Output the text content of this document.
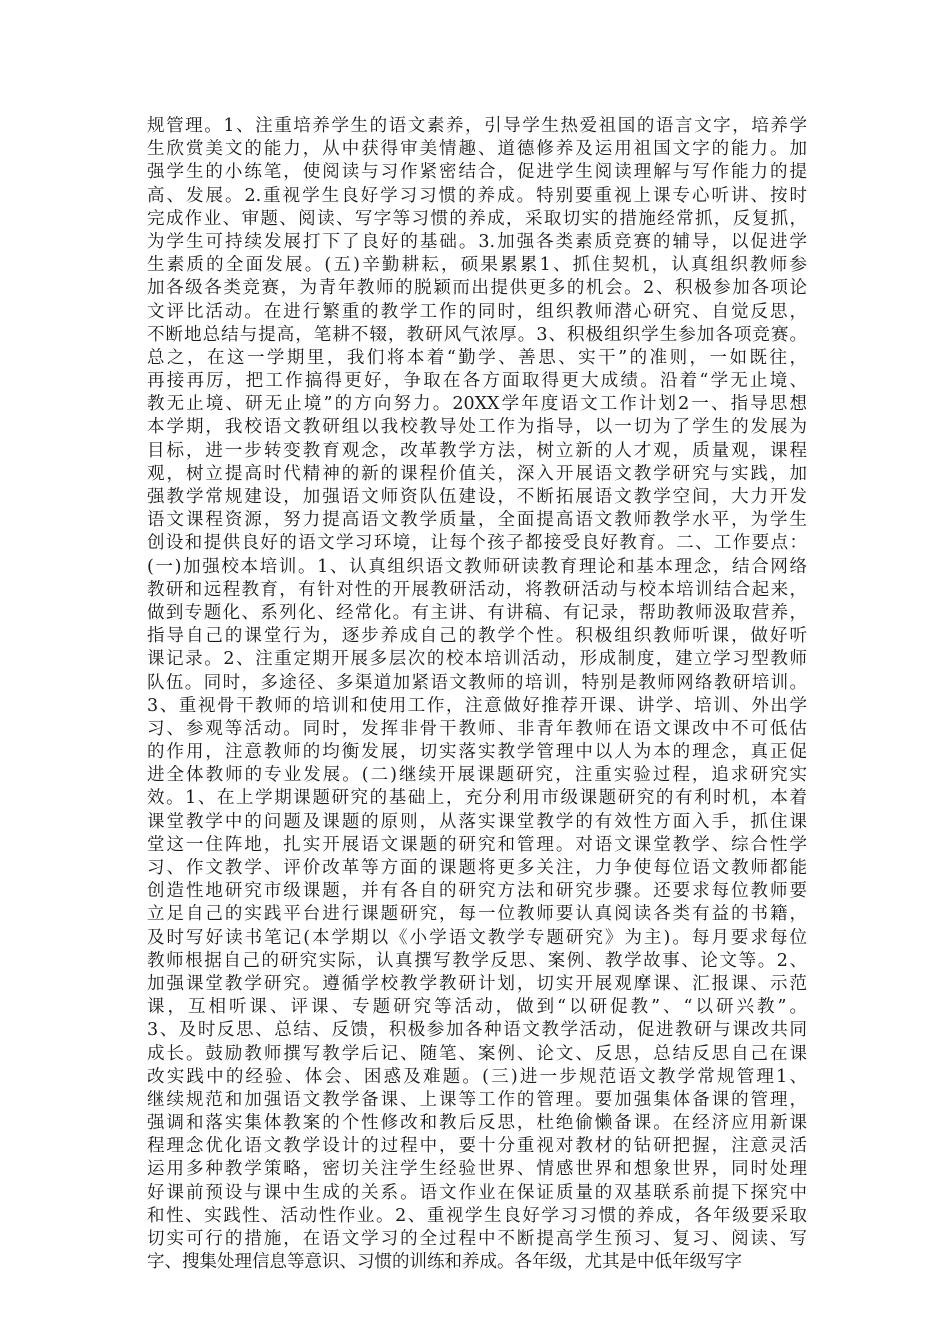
规管理。1、注重培养学生的语文素养，引导学生热爱祖国的语言文字，培养学
生欣赏美文的能力，从中获得审美情趣、道德修养及运用祖国文字的能力。加
强学生的小练笔，使阅读与习作紧密结合，促进学生阅读理解与写作能力的提
高、发展。2.重视学生良好学习习惯的养成。特别要重视上课专心听讲、按时
完成作业、审题、阅读、写字等习惯的养成，采取切实的措施经常抓，反复抓，
为学生可持续发展打下了良好的基础。3.加强各类素质竞赛的辅导，以促进学
生素质的全面发展。(五)辛勤耕耘，硕果累累1、抓住契机，认真组织教师参
加各级各类竞赛，为青年教师的脱颖而出提供更多的机会。2、积极参加各项论
文评比活动。在进行繁重的教学工作的同时，组织教师潜心研究、自觉反思，
不断地总结与提高，笔耕不辍，教研风气浓厚。3、积极组织学生参加各项竞赛。
总之，在这一学期里，我们将本着“勤学、善思、实干”的准则，一如既往，
再接再厉，把工作搞得更好，争取在各方面取得更大成绩。沿着“学无止境、
教无止境、研无止境”的方向努力。20XX学年度语文工作计划2一、指导思想
本学期，我校语文教研组以我校教导处工作为指导，以一切为了学生的发展为
目标，进一步转变教育观念，改革教学方法，树立新的人才观，质量观，课程
观，树立提高时代精神的新的课程价值关，深入开展语文教学研究与实践，加
强教学常规建设，加强语文师资队伍建设，不断拓展语文教学空间，大力开发
语文课程资源，努力提高语文教学质量，全面提高语文教师教学水平，为学生
创设和提供良好的语文学习环境，让每个孩子都接受良好教育。二、工作要点：
(一)加强校本培训。1、认真组织语文教师研读教育理论和基本理念，结合网络
教研和远程教育，有针对性的开展教研活动，将教研活动与校本培训结合起来，
做到专题化、系列化、经常化。有主讲、有讲稿、有记录，帮助教师汲取营养，
指导自己的课堂行为，逐步养成自己的教学个性。积极组织教师听课，做好听
课记录。2、注重定期开展多层次的校本培训活动，形成制度，建立学习型教师
队伍。同时，多途径、多渠道加紧语文教师的培训，特别是教师网络教研培训。
3、重视骨干教师的培训和使用工作，注意做好推荐开课、讲学、培训、外出学
习、参观等活动。同时，发挥非骨干教师、非青年教师在语文课改中不可低估
的作用，注意教师的均衡发展，切实落实教学管理中以人为本的理念，真正促
进全体教师的专业发展。(二)继续开展课题研究，注重实验过程，追求研究实
效。1、在上学期课题研究的基础上，充分利用市级课题研究的有利时机，本着
课堂教学中的问题及课题的原则，从落实课堂教学的有效性方面入手，抓住课
堂这一住阵地，扎实开展语文课题的研究和管理。对语文课堂教学、综合性学
习、作文教学、评价改革等方面的课题将更多关注，力争使每位语文教师都能
创造性地研究市级课题，并有各自的研究方法和研究步骤。还要求每位教师要
立足自己的实践平台进行课题研究，每一位教师要认真阅读各类有益的书籍，
及时写好读书笔记(本学期以《小学语文教学专题研究》为主)。每月要求每位
教师根据自己的研究实际，认真撰写教学反思、案例、教学故事、论文等。2、
加强课堂教学研究。遵循学校教学教研计划，切实开展观摩课、汇报课、示范
课，互相听课、评课、专题研究等活动，做到“以研促教”、“以研兴教”。
3、及时反思、总结、反馈，积极参加各种语文教学活动，促进教研与课改共同
成长。鼓励教师撰写教学后记、随笔、案例、论文、反思，总结反思自己在课
改实践中的经验、体会、困惑及难题。(三)进一步规范语文教学常规管理1、
继续规范和加强语文教学备课、上课等工作的管理。要加强集体备课的管理，
强调和落实集体教案的个性修改和教后反思，杜绝偷懒备课。在经济应用新课
程理念优化语文教学设计的过程中，要十分重视对教材的钻研把握，注意灵活
运用多种教学策略，密切关注学生经验世界、情感世界和想象世界，同时处理
好课前预设与课中生成的关系。语文作业在保证质量的双基联系前提下探究中
和性、实践性、活动性作业。2、重视学生良好学习习惯的养成，各年级要采取
切实可行的措施，在语文学习的全过程中不断提高学生预习、复习、阅读、写
字、搜集处理信息等意识、习惯的训练和养成。各年级，尤其是中低年级写字
